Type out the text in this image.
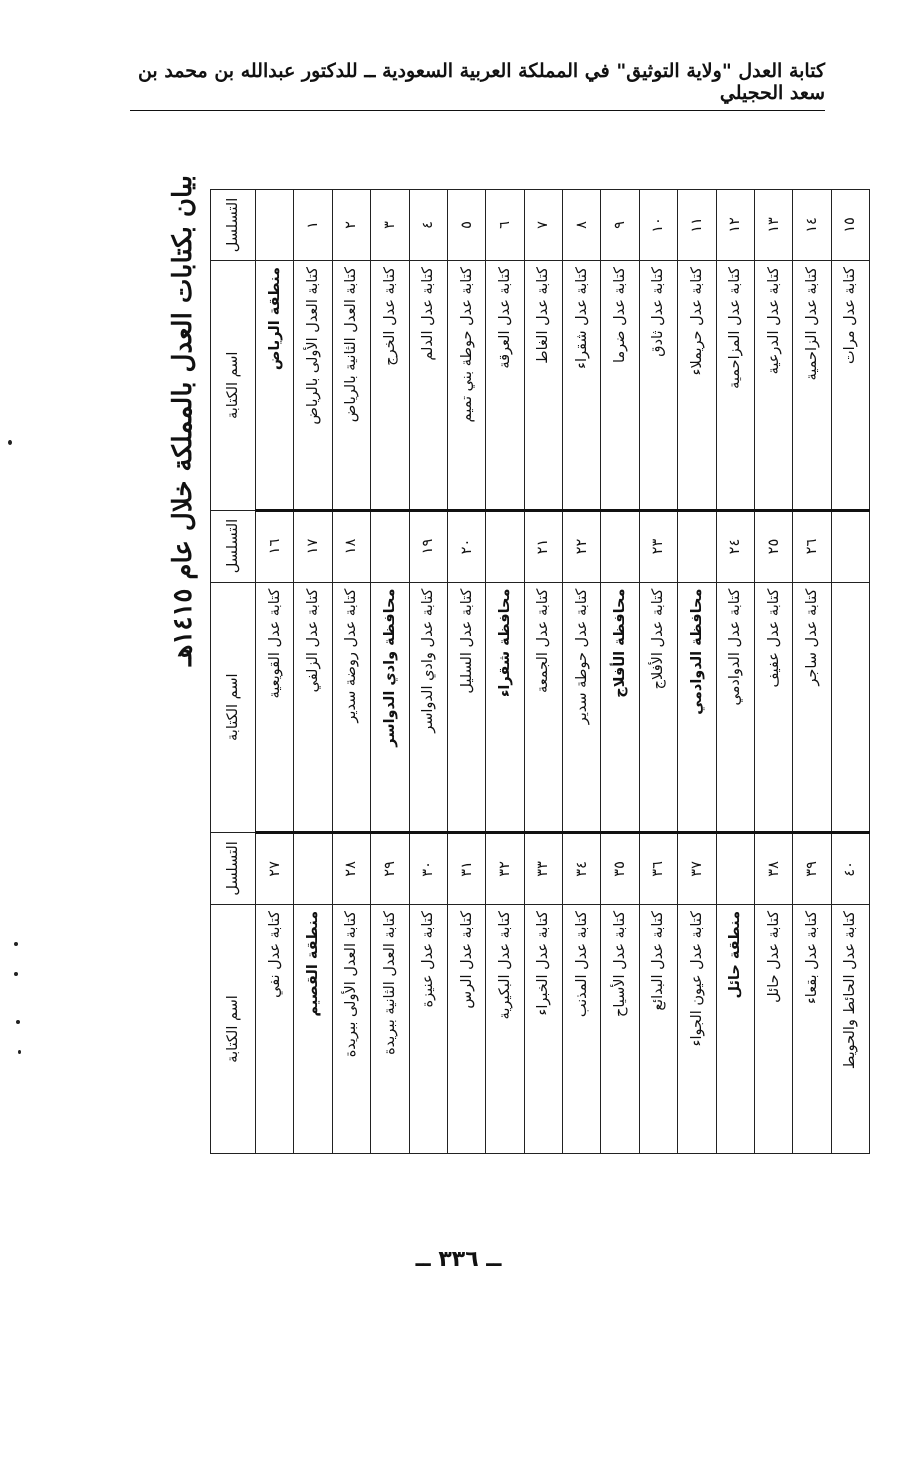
كتابة العدل "ولاية التوثيق" في المملكة العربية السعودية ــ للدكتور عبدالله بن محمد بن سعد الحجيلي
بيان بكتابات العدل بالمملكة خلال عام ١٤١٥هـ	التسلسل	اسم الكتابة	التسلسل	اسم الكتابة	التسلسل	اسم الكتابة
	منطقة الرياض	١٦	كتابة عدل القويعية	٢٧	كتابة عدل نفي
١	كتابة العدل الأولى بالرياض	١٧	كتابة عدل الزلفي		منطقة القصيم
٢	كتابة العدل الثانية بالرياض	١٨	كتابة عدل روضة سدير	٢٨	كتابة العدل الأولى ببريدة
٣	كتابة عدل الخرج		محافظة وادي الدواسر	٢٩	كتابة العدل الثانية ببريدة
٤	كتابة عدل الدلم	١٩	كتابة عدل وادي الدواسر	٣٠	كتابة عدل عنيزة
٥	كتابة عدل حوطة بني تميم	٢٠	كتابة عدل السليل	٣١	كتابة عدل الرس
٦	كتابة عدل العرقة		محافظة شقراء	٣٢	كتابة عدل البكيرية
٧	كتابة عدل الغاط	٢١	كتابة عدل الجمعة	٣٣	كتابة عدل الخبراء
٨	كتابة عدل شقراء	٢٢	كتابة عدل حوطة سدير	٣٤	كتابة عدل المذنب
٩	كتابة عدل ضرما		محافظة الأفلاج	٣٥	كتابة عدل الأسياح
١٠	كتابة عدل ثادق	٢٣	كتابة عدل الأفلاج	٣٦	كتابة عدل البدائع
١١	كتابة عدل حريملاء		محافظة الدوادمي	٣٧	كتابة عدل عيون الجواء
١٢	كتابة عدل المزاحمية	٢٤	كتابة عدل الدوادمي		منطقة حائل
١٣	كتابة عدل الدرعية	٢٥	كتابة عدل عفيف	٣٨	كتابة عدل حائل
١٤	كتابة عدل الزاحمية	٢٦	كتابة عدل ساجر	٣٩	كتابة عدل بقعاء
١٥	كتابة عدل مرات			٤٠	كتابة عدل الحائط والحويط
ــ ٣٣٦ ــ
